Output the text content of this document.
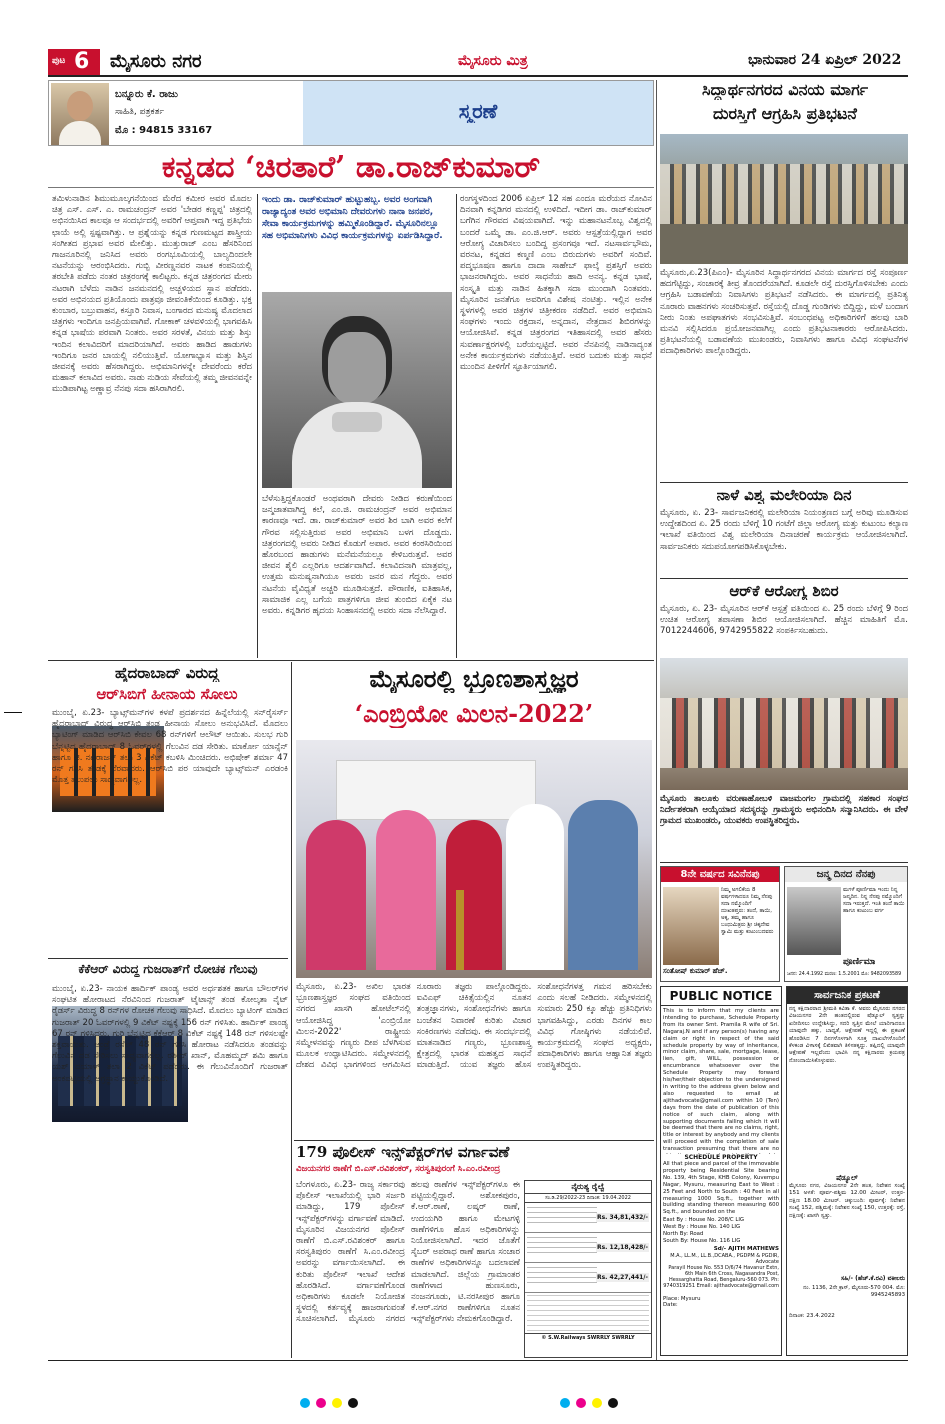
ಪುಟ 6 ಮೈಸೂರು ನಗರ	ಮೈಸೂರು ಮಿತ್ರ	ಭಾನುವಾರ 24 ಏಪ್ರಿಲ್ 2022
ಬನ್ನೂರು ಕೆ. ರಾಜು
ಸಾಹಿತಿ, ಪತ್ರಕರ್ತ
ಮೊ : 94815 33167
ಸ್ಮರಣೆ
ಕನ್ನಡದ ‘ಚಿರತಾರೆ’ ಡಾ.ರಾಜ್‌ಕುಮಾರ್
ತಮಿಳುನಾಡಿನ ಶಿಮುಮೂಲ್ಕಗನೆಯಿಂದ ಮೆರೆದ ಕಮೀರ ಅವರ ಮೊದಲ ಚಿತ್ರ ಎಸ್. ಎಸ್. ಎ. ರಾಮಚಂದ್ರನ್ ಅವರ 'ಬೇಡರ ಕಣ್ಣಪ್ಪ' ಚಿತ್ರದಲ್ಲಿ ಅಭಿನಯಿಸಿದ ಕಾಲವೂ ಆ ಸಂದರ್ಭದಲ್ಲಿ ಅವರಿಗೆ ಆಪ್ತವಾಗಿ ಇದ್ದ ಪ್ರತಿಭೆಯ ಛಾಯೆ ಅಲ್ಲಿ ಸ್ಪಷ್ಟವಾಗಿತ್ತು. ಆ ಪ್ರಶ್ನೆಯನ್ನು ಕನ್ನಡ ಗುಣಮಟ್ಟದ ಶಾಸ್ತ್ರೀಯ ಸಂಗೀತದ ಪ್ರಭಾವ ಅವರ ಮೇಲಿತ್ತು. ಮುತ್ತುರಾಜ್ ಎಂಬ ಹೆಸರಿನಿಂದ ಗಾಜನೂರಿನಲ್ಲಿ ಜನಿಸಿದ ಅವರು ರಂಗಭೂಮಿಯಲ್ಲಿ ಬಾಲ್ಯದಿಂದಲೇ ನಟನೆಯನ್ನು ಆರಂಭಿಸಿದರು. ಗುಬ್ಬಿ ವೀರಣ್ಣನವರ ನಾಟಕ ಕಂಪನಿಯಲ್ಲಿ ತರಬೇತಿ ಪಡೆದು ನಂತರ ಚಿತ್ರರಂಗಕ್ಕೆ ಕಾಲಿಟ್ಟರು. ಕನ್ನಡ ಚಿತ್ರರಂಗದ ಮೇರು ನಟರಾಗಿ ಬೆಳೆದು ನಾಡಿನ ಜನಮನದಲ್ಲಿ ಅಚ್ಚಳಿಯದ ಸ್ಥಾನ ಪಡೆದರು. ಅವರ ಅಭಿನಯದ ಪ್ರತಿಯೊಂದು ಪಾತ್ರವೂ ಜೀವಂತಿಕೆಯಿಂದ ಕೂಡಿತ್ತು. ಭಕ್ತ ಕುಂಬಾರ, ಬಬ್ರುವಾಹನ, ಕಸ್ತೂರಿ ನಿವಾಸ, ಬಂಗಾರದ ಮನುಷ್ಯ ಮೊದಲಾದ ಚಿತ್ರಗಳು ಇಂದಿಗೂ ಜನಪ್ರಿಯವಾಗಿವೆ. ಗೋಕಾಕ್ ಚಳವಳಿಯಲ್ಲಿ ಭಾಗವಹಿಸಿ ಕನ್ನಡ ಭಾಷೆಯ ಪರವಾಗಿ ನಿಂತರು. ಅವರ ಸರಳತೆ, ವಿನಯ ಮತ್ತು ಶಿಸ್ತು ಇಂದಿನ ಕಲಾವಿದರಿಗೆ ಮಾದರಿಯಾಗಿದೆ. ಅವರು ಹಾಡಿದ ಹಾಡುಗಳು ಇಂದಿಗೂ ಜನರ ಬಾಯಲ್ಲಿ ನಲಿಯುತ್ತಿವೆ. ಯೋಗಾಭ್ಯಾಸ ಮತ್ತು ಶಿಸ್ತಿನ ಜೀವನಕ್ಕೆ ಅವರು ಹೆಸರಾಗಿದ್ದರು. ಅಭಿಮಾನಿಗಳನ್ನೇ ದೇವರೆಂದು ಕರೆದ ಮಹಾನ್ ಕಲಾವಿದ ಅವರು. ನಾಡು ನುಡಿಯ ಸೇವೆಯಲ್ಲಿ ತಮ್ಮ ಜೀವನವನ್ನೇ ಮುಡಿಪಾಗಿಟ್ಟ ಅಣ್ಣಾವ್ರ ನೆನಪು ಸದಾ ಹಸಿರಾಗಿರಲಿ.
ಇಂದು ಡಾ. ರಾಜ್‌ಕುಮಾರ್ ಹುಟ್ಟುಹಬ್ಬ. ಅವರ ಅಂಗವಾಗಿ ರಾಜ್ಯಾದ್ಯಂತ ಅವರ ಅಭಿಮಾನಿ ದೇವರುಗಳು ನಾನಾ ಜನಪರ, ಸೇವಾ ಕಾರ್ಯಕ್ರಮಗಳನ್ನು ಹಮ್ಮಿಕೊಂಡಿದ್ದಾರೆ. ಮೈಸೂರಿನಲ್ಲೂ ಸಹ ಅಭಿಮಾನಿಗಳು ವಿವಿಧ ಕಾರ್ಯಕ್ರಮಗಳನ್ನು ಏರ್ಪಡಿಸಿದ್ದಾರೆ.
ಬೆಳೆಸುತ್ತಿದ್ದಕೊಂಡರೆ ಅಂಥವರಾಗಿ ದೇವರು ನೀಡಿದ ಕರುಣೆಯಿಂದ ಜನ್ಮಜಾತವಾಗಿದ್ದ ಕಲೆ, ಎಂ.ಜಿ. ರಾಮಚಂದ್ರನ್ ಅವರ ಅಭಿಮಾನ ಕಾರಣವೂ ಇದೆ. ಡಾ. ರಾಜ್‌ಕುಮಾರ್ ಅವರ ಶಿರ ಬಾಗಿ ಅವರ ಕಲೆಗೆ ಗೌರವ ಸಲ್ಲಿಸುತ್ತಿರುವ ಅವರ ಅಭಿಮಾನಿ ಬಳಗ ದೊಡ್ಡದು. ಚಿತ್ರರಂಗದಲ್ಲಿ ಅವರು ನೀಡಿದ ಕೊಡುಗೆ ಅಪಾರ. ಅವರ ಕಂಠಸಿರಿಯಿಂದ ಹೊರಬಂದ ಹಾಡುಗಳು ಮನೆಮನೆಯಲ್ಲೂ ಕೇಳಿಬರುತ್ತವೆ. ಅವರ ಜೀವನ ಶೈಲಿ ಎಲ್ಲರಿಗೂ ಆದರ್ಶವಾಗಿದೆ. ಕಲಾವಿದನಾಗಿ ಮಾತ್ರವಲ್ಲ, ಉತ್ತಮ ಮನುಷ್ಯನಾಗಿಯೂ ಅವರು ಜನರ ಮನ ಗೆದ್ದರು. ಅವರ ನಟನೆಯ ವೈವಿಧ್ಯತೆ ಅಚ್ಚರಿ ಮೂಡಿಸುತ್ತದೆ. ಪೌರಾಣಿಕ, ಐತಿಹಾಸಿಕ, ಸಾಮಾಜಿಕ ಎಲ್ಲ ಬಗೆಯ ಪಾತ್ರಗಳಿಗೂ ಜೀವ ತುಂಬಿದ ಏಕೈಕ ನಟ ಅವರು. ಕನ್ನಡಿಗರ ಹೃದಯ ಸಿಂಹಾಸನದಲ್ಲಿ ಅವರು ಸದಾ ನೆಲೆಸಿದ್ದಾರೆ.
ರಂಗಸ್ಥಳದಿಂದ 2006 ಏಪ್ರಿಲ್ 12 ಸಹ ಎಂದೂ ಮರೆಯದ ನೋವಿನ ದಿನವಾಗಿ ಕನ್ನಡಿಗರ ಮನದಲ್ಲಿ ಉಳಿದಿದೆ. ಇದೀಗ ಡಾ. ರಾಜ್‌ಕುಮಾರ್ ಬಗೆಗಿನ ಗೌರವದ ವಿಷಯವಾಗಿದೆ. ಇನ್ನು ಮಹಾನಟನೊಬ್ಬ ವಿಶ್ವದಲ್ಲಿ ಬಂದರೆ ಒಮ್ಮೆ ಡಾ. ಎಂ.ಜಿ.ಆರ್. ಅವರು ಆಸ್ಪತ್ರೆಯಲ್ಲಿದ್ದಾಗ ಅವರ ಆರೋಗ್ಯ ವಿಚಾರಿಸಲು ಬಂದಿದ್ದ ಪ್ರಸಂಗವೂ ಇದೆ. ನಟಸಾರ್ವಭೌಮ, ವರನಟ, ಕನ್ನಡದ ಕಣ್ಮಣಿ ಎಂಬ ಬಿರುದುಗಳು ಅವರಿಗೆ ಸಂದಿವೆ. ಪದ್ಮಭೂಷಣ ಹಾಗೂ ದಾದಾ ಸಾಹೇಬ್ ಫಾಲ್ಕೆ ಪ್ರಶಸ್ತಿಗೆ ಅವರು ಭಾಜನರಾಗಿದ್ದರು. ಅವರ ಸಾಧನೆಯ ಹಾದಿ ಅನನ್ಯ. ಕನ್ನಡ ಭಾಷೆ, ಸಂಸ್ಕೃತಿ ಮತ್ತು ನಾಡಿನ ಹಿತಕ್ಕಾಗಿ ಸದಾ ಮುಂದಾಗಿ ನಿಂತವರು. ಮೈಸೂರಿನ ಜನತೆಗೂ ಅವರಿಗೂ ವಿಶೇಷ ನಂಟಿತ್ತು. ಇಲ್ಲಿನ ಅನೇಕ ಸ್ಥಳಗಳಲ್ಲಿ ಅವರ ಚಿತ್ರಗಳ ಚಿತ್ರೀಕರಣ ನಡೆದಿದೆ. ಅವರ ಅಭಿಮಾನಿ ಸಂಘಗಳು ಇಂದು ರಕ್ತದಾನ, ಅನ್ನದಾನ, ನೇತ್ರದಾನ ಶಿಬಿರಗಳನ್ನು ಆಯೋಜಿಸಿವೆ. ಕನ್ನಡ ಚಿತ್ರರಂಗದ ಇತಿಹಾಸದಲ್ಲಿ ಅವರ ಹೆಸರು ಸುವರ್ಣಾಕ್ಷರಗಳಲ್ಲಿ ಬರೆಯಲ್ಪಟ್ಟಿದೆ. ಅವರ ನೆನಪಿನಲ್ಲಿ ನಾಡಿನಾದ್ಯಂತ ಅನೇಕ ಕಾರ್ಯಕ್ರಮಗಳು ನಡೆಯುತ್ತಿವೆ. ಅವರ ಬದುಕು ಮತ್ತು ಸಾಧನೆ ಮುಂದಿನ ಪೀಳಿಗೆಗೆ ಸ್ಫೂರ್ತಿಯಾಗಲಿ.
ಸಿದ್ಧಾರ್ಥನಗರದ ವಿನಯ ಮಾರ್ಗ
ದುರಸ್ತಿಗೆ ಆಗ್ರಹಿಸಿ ಪ್ರತಿಭಟನೆ
ಮೈಸೂರು,ಏ.23(ಪಿಎಂ)- ಮೈಸೂರಿನ ಸಿದ್ಧಾರ್ಥನಗರದ ವಿನಯ ಮಾರ್ಗದ ರಸ್ತೆ ಸಂಪೂರ್ಣ ಹದಗೆಟ್ಟಿದ್ದು, ಸಂಚಾರಕ್ಕೆ ತೀವ್ರ ತೊಂದರೆಯಾಗಿದೆ. ಕೂಡಲೇ ರಸ್ತೆ ದುರಸ್ತಿಗೊಳಿಸಬೇಕು ಎಂದು ಆಗ್ರಹಿಸಿ ಬಡಾವಣೆಯ ನಿವಾಸಿಗಳು ಪ್ರತಿಭಟನೆ ನಡೆಸಿದರು. ಈ ಮಾರ್ಗದಲ್ಲಿ ಪ್ರತಿನಿತ್ಯ ನೂರಾರು ವಾಹನಗಳು ಸಂಚರಿಸುತ್ತವೆ. ರಸ್ತೆಯಲ್ಲಿ ದೊಡ್ಡ ಗುಂಡಿಗಳು ಬಿದ್ದಿದ್ದು, ಮಳೆ ಬಂದಾಗ ನೀರು ನಿಂತು ಅಪಘಾತಗಳು ಸಂಭವಿಸುತ್ತಿವೆ. ಸಂಬಂಧಪಟ್ಟ ಅಧಿಕಾರಿಗಳಿಗೆ ಹಲವು ಬಾರಿ ಮನವಿ ಸಲ್ಲಿಸಿದರೂ ಪ್ರಯೋಜನವಾಗಿಲ್ಲ ಎಂದು ಪ್ರತಿಭಟನಾಕಾರರು ಆರೋಪಿಸಿದರು. ಪ್ರತಿಭಟನೆಯಲ್ಲಿ ಬಡಾವಣೆಯ ಮುಖಂಡರು, ನಿವಾಸಿಗಳು ಹಾಗೂ ವಿವಿಧ ಸಂಘಟನೆಗಳ ಪದಾಧಿಕಾರಿಗಳು ಪಾಲ್ಗೊಂಡಿದ್ದರು.
ನಾಳೆ ವಿಶ್ವ ಮಲೇರಿಯಾ ದಿನ
ಮೈಸೂರು, ಏ. 23- ಸಾರ್ವಜನಿಕರಲ್ಲಿ ಮಲೇರಿಯಾ ನಿಯಂತ್ರಣದ ಬಗ್ಗೆ ಅರಿವು ಮೂಡಿಸುವ ಉದ್ದೇಶದಿಂದ ಏ. 25 ರಂದು ಬೆಳಿಗ್ಗೆ 10 ಗಂಟೆಗೆ ಜಿಲ್ಲಾ ಆರೋಗ್ಯ ಮತ್ತು ಕುಟುಂಬ ಕಲ್ಯಾಣ ಇಲಾಖೆ ವತಿಯಿಂದ ವಿಶ್ವ ಮಲೇರಿಯಾ ದಿನಾಚರಣೆ ಕಾರ್ಯಕ್ರಮ ಆಯೋಜಿಸಲಾಗಿದೆ. ಸಾರ್ವಜನಿಕರು ಸದುಪಯೋಗಪಡಿಸಿಕೊಳ್ಳಬೇಕು.
ಆರ್‌ಕೆ ಆರೋಗ್ಯ ಶಿಬಿರ
ಮೈಸೂರು, ಏ. 23- ಮೈಸೂರಿನ ಆರ್‌ಕೆ ಆಸ್ಪತ್ರೆ ವತಿಯಿಂದ ಏ. 25 ರಂದು ಬೆಳಿಗ್ಗೆ 9 ರಿಂದ ಉಚಿತ ಆರೋಗ್ಯ ತಪಾಸಣಾ ಶಿಬಿರ ಆಯೋಜಿಸಲಾಗಿದೆ. ಹೆಚ್ಚಿನ ಮಾಹಿತಿಗೆ ಮೊ. 7012244606, 9742955822 ಸಂಪರ್ಕಿಸಬಹುದು.
ಮೈಸೂರು ತಾಲೂಕು ವರುಣಾಹೋಬಳಿ ವಾಜಮಂಗಲ ಗ್ರಾಮದಲ್ಲಿ ಸಹಕಾರ ಸಂಘದ ನಿರ್ದೇಶಕರಾಗಿ ಆಯ್ಕೆಯಾದ ಸದಸ್ಯರನ್ನು ಗ್ರಾಮಸ್ಥರು ಅಭಿನಂದಿಸಿ ಸನ್ಮಾನಿಸಿದರು. ಈ ವೇಳೆ ಗ್ರಾಮದ ಮುಖಂಡರು, ಯುವಕರು ಉಪಸ್ಥಿತರಿದ್ದರು.
8ನೇ ವರ್ಷದ ಸವಿನೆನಪು
ನಿಮ್ಮ ಅಗಲಿಕೆಯ 8 ವರ್ಷಗಳಾದರೂ ನಿಮ್ಮ ನೆನಪು ಸದಾ ನಮ್ಮೊಂದಿಗೆ ದುಃಖತಪ್ತರು: ತಂದೆ, ತಾಯಿ, ಅಕ್ಕ, ತಮ್ಮ ಹಾಗೂ ಬಂಧುಮಿತ್ರರು ಶ್ರೀ ಚಿಕ್ಕದೇವ ಸ್ವಾಮಿ ಮತ್ತು ಕುಟುಂಬದವರು
ಸಂತೋಷ್ ಕುಮಾರ್ ಹೆಚ್.
ಜನ್ಮ ದಿನದ ನೆನಪು
ಮಗಳೆ ಪೂರ್ಣಿಮಾ ಇಂದು ನಿನ್ನ ಜನ್ಮದಿನ. ನಿನ್ನ ನೆನಪು ನಮ್ಮೊಂದಿಗೆ ಸದಾ ಇರುತ್ತದೆ. ಇಂತಿ ತಂದೆ ತಾಯಿ ಹಾಗೂ ಕುಟುಂಬ ವರ್ಗ
ಪೂರ್ಣಿಮಾ
ಜನನ: 24.4.1992 ಮರಣ: 1.5.2001 ಮೊ: 9482093589
PUBLIC NOTICE
This is to inform that my clients are intending to purchase, Schedule Property from its owner Smt. Pramila R wife of Sri. Nagaraj.N and if any person(s) having any claim or right in respect of the said schedule property by way of inheritance, minor claim, share, sale, mortgage, lease, lien, gift, WILL, possession or encumbrance whatsoever over the Schedule Property may forward his/her/their objection to the undersigned in writing to the address given below and also requested to email at ajithadvocate@gmail.com within 10 (Ten) days from the date of publication of this notice of such claim, along with supporting documents failing which it will be deemed that there are no claims, right, title or interest by anybody and my clients will proceed with the completion of sale transaction presuming that there are no
SCHEDULE PROPERTY
All that piece and parcel of the immovable property being Residential Site bearing No. 139, 4th Stage, KHB Colony, Kuvempu Nagar, Mysuru, measuring East to West : 25 Feet and North to South : 40 Feet in all measuring 1000 Sq.ft., together with building standing thereon measuring 600 Sq.ft., and bounded on the
East By : House No. 208/C LIG
West By : House No. 140 LIG
North By: Road
South By: House No. 116 LIG
Sd/- AJITH MATHEWS
M.A., LL.M., LL.B.,DCABA., PGDPM & PGDIR, Advocate
Parayil House No. 553 D/6/74 Havanur Extn, 6th Main 6th Cross, Nagasandra Post, Hessarghatta Road, Bengaluru-560 073. Ph: 9740319251 Email: ajithadvocate@gmail.com
Place: Mysuru
Date:
ಸಾರ್ವಜನಿಕ ಪ್ರಕಟಣೆ
ನನ್ನ ಕಕ್ಷಿದಾರರಾದ ಶ್ರೀಮತಿ ಕವಿತಾ ಕೆ. ಅವರು ಮೈಸೂರು ನಗರದ ವಿಜಯನಗರ 2ನೇ ಹಂತದಲ್ಲಿರುವ ಷೆಡ್ಯೂಲ್ ಸ್ವತ್ತನ್ನು ಖರೀದಿಸಲು ಉದ್ದೇಶಿಸಿದ್ದು, ಸದರಿ ಸ್ವತ್ತಿನ ಮೇಲೆ ಯಾರಿಗಾದರೂ ಯಾವುದೇ ಹಕ್ಕು, ಬಾಧ್ಯತೆ, ಆಕ್ಷೇಪಣೆ ಇದ್ದಲ್ಲಿ ಈ ಪ್ರಕಟಣೆ ಹೊರಡಿಸಿದ 7 ದಿನಗಳೊಳಗಾಗಿ ಸೂಕ್ತ ದಾಖಲೆಗಳೊಂದಿಗೆ ಕೆಳಕಂಡ ವಿಳಾಸಕ್ಕೆ ಲಿಖಿತವಾಗಿ ತಿಳಿಸತಕ್ಕದ್ದು. ತಪ್ಪಿದಲ್ಲಿ ಯಾವುದೇ ಆಕ್ಷೇಪಣೆ ಇಲ್ಲವೆಂದು ಭಾವಿಸಿ ನನ್ನ ಕಕ್ಷಿದಾರರು ಕ್ರಯಪತ್ರ ನೋಂದಾಯಿಸಿಕೊಳ್ಳುವರು.
ಷೆಡ್ಯೂಲ್
ಮೈಸೂರು ನಗರ, ವಿಜಯನಗರ 2ನೇ ಹಂತ, ನಿವೇಶನ ಸಂಖ್ಯೆ 151 ಅಳತೆ: ಪೂರ್ವ-ಪಶ್ಚಿಮ 12.00 ಮೀಟರ್, ಉತ್ತರ-ದಕ್ಷಿಣ 18.00 ಮೀಟರ್. ಚಕ್ಕುಬಂದಿ: ಪೂರ್ವಕ್ಕೆ: ನಿವೇಶನ ಸಂಖ್ಯೆ 152, ಪಶ್ಚಿಮಕ್ಕೆ: ನಿವೇಶನ ಸಂಖ್ಯೆ 150, ಉತ್ತರಕ್ಕೆ: ರಸ್ತೆ, ದಕ್ಷಿಣಕ್ಕೆ: ಖಾಸಗಿ ಸ್ವತ್ತು.
ಸಹಿ/- (ಹೆಚ್.ಕೆ.ರವಿ) ವಕೀಲರು
ನಂ. 1136, 2ನೇ ಕ್ರಾಸ್, ಮೈಸೂರು-570 004. ಮೊ: 9945245893
ದಿನಾಂಕ: 23.4.2022
ಹೈದರಾಬಾದ್ ವಿರುದ್ಧ
ಆರ್‌ಸಿಬಿಗೆ ಹೀನಾಯ ಸೋಲು
ಮುಂಬೈ, ಏ.23- ಬ್ಯಾಟ್ಸ್‌ಮನ್‌ಗಳ ಕಳಪೆ ಪ್ರದರ್ಶನದ ಹಿನ್ನೆಲೆಯಲ್ಲಿ ಸನ್‌ರೈಸರ್ಸ್ ಹೈದರಾಬಾದ್ ವಿರುದ್ಧ ಆರ್‌ಸಿಬಿ ತಂಡ ಹೀನಾಯ ಸೋಲು ಅನುಭವಿಸಿದೆ. ಮೊದಲು ಬ್ಯಾಟಿಂಗ್ ಮಾಡಿದ ಆರ್‌ಸಿಬಿ ಕೇವಲ 68 ರನ್‌ಗಳಿಗೆ ಆಲೌಟ್ ಆಯಿತು. ಸುಲಭ ಗುರಿ ಬೆನ್ನಟ್ಟಿದ ಹೈದರಾಬಾದ್ 8 ಓವರ್‌ಗಳಲ್ಲಿ ಗೆಲುವಿನ ದಡ ಸೇರಿತು. ಮಾರ್ಕೋ ಯಾನ್ಸೆನ್ ಹಾಗೂ ಟಿ. ನಟರಾಜನ್ ತಲಾ 3 ವಿಕೆಟ್ ಕಬಳಿಸಿ ಮಿಂಚಿದರು. ಅಭಿಷೇಕ್ ಶರ್ಮಾ 47 ರನ್ ಗಳಿಸಿ ತಂಡಕ್ಕೆ ನೆರವಾದರು. ಆರ್‌ಸಿಬಿ ಪರ ಯಾವುದೇ ಬ್ಯಾಟ್ಸ್‌ಮನ್ ಎರಡಂಕಿ ಮೊತ್ತ ತಲುಪಲು ಸಾಧ್ಯವಾಗಲಿಲ್ಲ.
ಕೆಕೆಆರ್ ವಿರುದ್ಧ ಗುಜರಾತ್‌ಗೆ ರೋಚಕ ಗೆಲುವು
ಮುಂಬೈ, ಏ.23- ನಾಯಕ ಹಾರ್ದಿಕ್ ಪಾಂಡ್ಯ ಅವರ ಅರ್ಧಶತಕ ಹಾಗೂ ಬೌಲರ್‌ಗಳ ಸಂಘಟಿತ ಹೋರಾಟದ ನೆರವಿನಿಂದ ಗುಜರಾತ್ ಟೈಟಾನ್ಸ್ ತಂಡ ಕೋಲ್ಕತಾ ನೈಟ್ ರೈಡರ್ಸ್ ವಿರುದ್ಧ 8 ರನ್‌ಗಳ ರೋಚಕ ಗೆಲುವು ಸಾಧಿಸಿದೆ. ಮೊದಲು ಬ್ಯಾಟಿಂಗ್ ಮಾಡಿದ ಗುಜರಾತ್ 20 ಓವರ್‌ಗಳಲ್ಲಿ 9 ವಿಕೆಟ್ ನಷ್ಟಕ್ಕೆ 156 ರನ್ ಗಳಿಸಿತು. ಹಾರ್ದಿಕ್ ಪಾಂಡ್ಯ 67 ರನ್ ಗಳಿಸಿದರು. ಗುರಿ ಬೆನ್ನಟ್ಟಿದ ಕೆಕೆಆರ್ 8 ವಿಕೆಟ್ ನಷ್ಟಕ್ಕೆ 148 ರನ್ ಗಳಿಸಲಷ್ಟೇ ಶಕ್ತವಾಯಿತು. ಆಂಡ್ರೆ ರಸೆಲ್ 48 ರನ್ ಗಳಿಸಿ ಹೋರಾಟ ನಡೆಸಿದರೂ ತಂಡವನ್ನು ಗೆಲುವಿನ ದಡ ಸೇರಿಸಲು ಸಾಧ್ಯವಾಗಲಿಲ್ಲ. ರಶೀದ್ ಖಾನ್, ಮೊಹಮ್ಮದ್ ಶಮಿ ಹಾಗೂ ಯಶ್ ದಯಾಳ್ ತಲಾ 2 ವಿಕೆಟ್ ಪಡೆದರು. ಈ ಗೆಲುವಿನೊಂದಿಗೆ ಗುಜರಾತ್ ಅಂಕಪಟ್ಟಿಯಲ್ಲಿ ಅಗ್ರಸ್ಥಾನ ಕಾಯ್ದುಕೊಂಡಿದೆ.
ಮೈಸೂರಲ್ಲಿ ಭ್ರೂಣಶಾಸ್ತ್ರಜ್ಞರ
‘ಎಂಬ್ರಿಯೋ ಮಿಲನ-2022’
ಮೈಸೂರು, ಏ.23- ಅಖಿಲ ಭಾರತ ಭ್ರೂಣಶಾಸ್ತ್ರಜ್ಞರ ಸಂಘದ ವತಿಯಿಂದ ನಗರದ ಖಾಸಗಿ ಹೋಟೆಲ್‌ನಲ್ಲಿ ಆಯೋಜಿಸಿದ್ದ 'ಎಂಬ್ರಿಯೋ ಮಿಲನ-2022' ರಾಷ್ಟ್ರೀಯ ಸಮ್ಮೇಳನವನ್ನು ಗಣ್ಯರು ದೀಪ ಬೆಳಗಿಸುವ ಮೂಲಕ ಉದ್ಘಾಟಿಸಿದರು. ಸಮ್ಮೇಳನದಲ್ಲಿ ದೇಶದ ವಿವಿಧ ಭಾಗಗಳಿಂದ ಆಗಮಿಸಿದ ನೂರಾರು ತಜ್ಞರು ಪಾಲ್ಗೊಂಡಿದ್ದರು. ಐವಿಎಫ್ ಚಿಕಿತ್ಸೆಯಲ್ಲಿನ ನೂತನ ತಂತ್ರಜ್ಞಾನಗಳು, ಸಂಶೋಧನೆಗಳು ಹಾಗೂ ಬಂಜೆತನ ನಿವಾರಣೆ ಕುರಿತು ವಿಚಾರ ಸಂಕಿರಣಗಳು ನಡೆದವು. ಈ ಸಂದರ್ಭದಲ್ಲಿ ಮಾತನಾಡಿದ ಗಣ್ಯರು, ಭ್ರೂಣಶಾಸ್ತ್ರ ಕ್ಷೇತ್ರದಲ್ಲಿ ಭಾರತ ಮಹತ್ವದ ಸಾಧನೆ ಮಾಡುತ್ತಿದೆ. ಯುವ ತಜ್ಞರು ಹೊಸ ಸಂಶೋಧನೆಗಳತ್ತ ಗಮನ ಹರಿಸಬೇಕು ಎಂದು ಸಲಹೆ ನೀಡಿದರು. ಸಮ್ಮೇಳನದಲ್ಲಿ ಸುಮಾರು 250 ಕ್ಕೂ ಹೆಚ್ಚು ಪ್ರತಿನಿಧಿಗಳು ಭಾಗವಹಿಸಿದ್ದು, ಎರಡು ದಿನಗಳ ಕಾಲ ವಿವಿಧ ಗೋಷ್ಠಿಗಳು ನಡೆಯಲಿವೆ. ಕಾರ್ಯಕ್ರಮದಲ್ಲಿ ಸಂಘದ ಅಧ್ಯಕ್ಷರು, ಪದಾಧಿಕಾರಿಗಳು ಹಾಗೂ ಆಹ್ವಾನಿತ ತಜ್ಞರು ಉಪಸ್ಥಿತರಿದ್ದರು.
179 ಪೊಲೀಸ್ ಇನ್ಸ್‌ಪೆಕ್ಟರ್‌ಗಳ ವರ್ಗಾವಣೆ
ವಿಜಯನಗರ ಠಾಣೆಗೆ ಬಿ.ಎಸ್.ರವಿಶಂಕರ್, ಸರಸ್ವತಿಪುರಂಗೆ ಸಿ.ಎಂ.ರವೀಂದ್ರ
ಬೆಂಗಳೂರು, ಏ.23- ರಾಜ್ಯ ಸರ್ಕಾರವು ಪೊಲೀಸ್ ಇಲಾಖೆಯಲ್ಲಿ ಭಾರಿ ಸರ್ಜರಿ ಮಾಡಿದ್ದು, 179 ಪೊಲೀಸ್ ಇನ್ಸ್‌ಪೆಕ್ಟರ್‌ಗಳನ್ನು ವರ್ಗಾವಣೆ ಮಾಡಿದೆ. ಮೈಸೂರಿನ ವಿಜಯನಗರ ಪೊಲೀಸ್ ಠಾಣೆಗೆ ಬಿ.ಎಸ್.ರವಿಶಂಕರ್ ಹಾಗೂ ಸರಸ್ವತಿಪುರಂ ಠಾಣೆಗೆ ಸಿ.ಎಂ.ರವೀಂದ್ರ ಅವರನ್ನು ವರ್ಗಾಯಿಸಲಾಗಿದೆ. ಈ ಕುರಿತು ಪೊಲೀಸ್ ಇಲಾಖೆ ಆದೇಶ ಹೊರಡಿಸಿದೆ. ವರ್ಗಾವಣೆಗೊಂಡ ಅಧಿಕಾರಿಗಳು ಕೂಡಲೇ ನಿಯೋಜಿತ ಸ್ಥಳದಲ್ಲಿ ಕರ್ತವ್ಯಕ್ಕೆ ಹಾಜರಾಗುವಂತೆ ಸೂಚಿಸಲಾಗಿದೆ. ಮೈಸೂರು ನಗರದ ಹಲವು ಠಾಣೆಗಳ ಇನ್ಸ್‌ಪೆಕ್ಟರ್‌ಗಳೂ ಈ ಪಟ್ಟಿಯಲ್ಲಿದ್ದಾರೆ. ಅಶೋಕಪುರಂ, ಕೆ.ಆರ್.ಠಾಣೆ, ಲಷ್ಕರ್ ಠಾಣೆ, ಉದಯಗಿರಿ ಹಾಗೂ ಮೇಟಗಳ್ಳಿ ಠಾಣೆಗಳಿಗೂ ಹೊಸ ಅಧಿಕಾರಿಗಳನ್ನು ನಿಯೋಜಿಸಲಾಗಿದೆ. ಇದರ ಜೊತೆಗೆ ಸೈಬರ್ ಅಪರಾಧ ಠಾಣೆ ಹಾಗೂ ಸಂಚಾರ ಠಾಣೆಗಳ ಅಧಿಕಾರಿಗಳನ್ನೂ ಬದಲಾವಣೆ ಮಾಡಲಾಗಿದೆ. ಜಿಲ್ಲೆಯ ಗ್ರಾಮಾಂತರ ಠಾಣೆಗಳಾದ ಹುಣಸೂರು, ನಂಜನಗೂಡು, ಟಿ.ನರಸೀಪುರ ಹಾಗೂ ಕೆ.ಆರ್.ನಗರ ಠಾಣೆಗಳಿಗೂ ನೂತನ ಇನ್ಸ್‌ಪೆಕ್ಟರ್‌ಗಳು ನೇಮಕಗೊಂಡಿದ್ದಾರೆ.
ನೈರುತ್ಯ ರೈಲ್ವೆ
ಸಂ.ಡಿ.29/2022-23 ದಿನಾಂಕ: 19.04.2022
Rs. 34,81,432/-
Rs. 12,18,428/-
Rs. 42,27,441/-
© S.W.Railways SWRRLY SWRRLY
